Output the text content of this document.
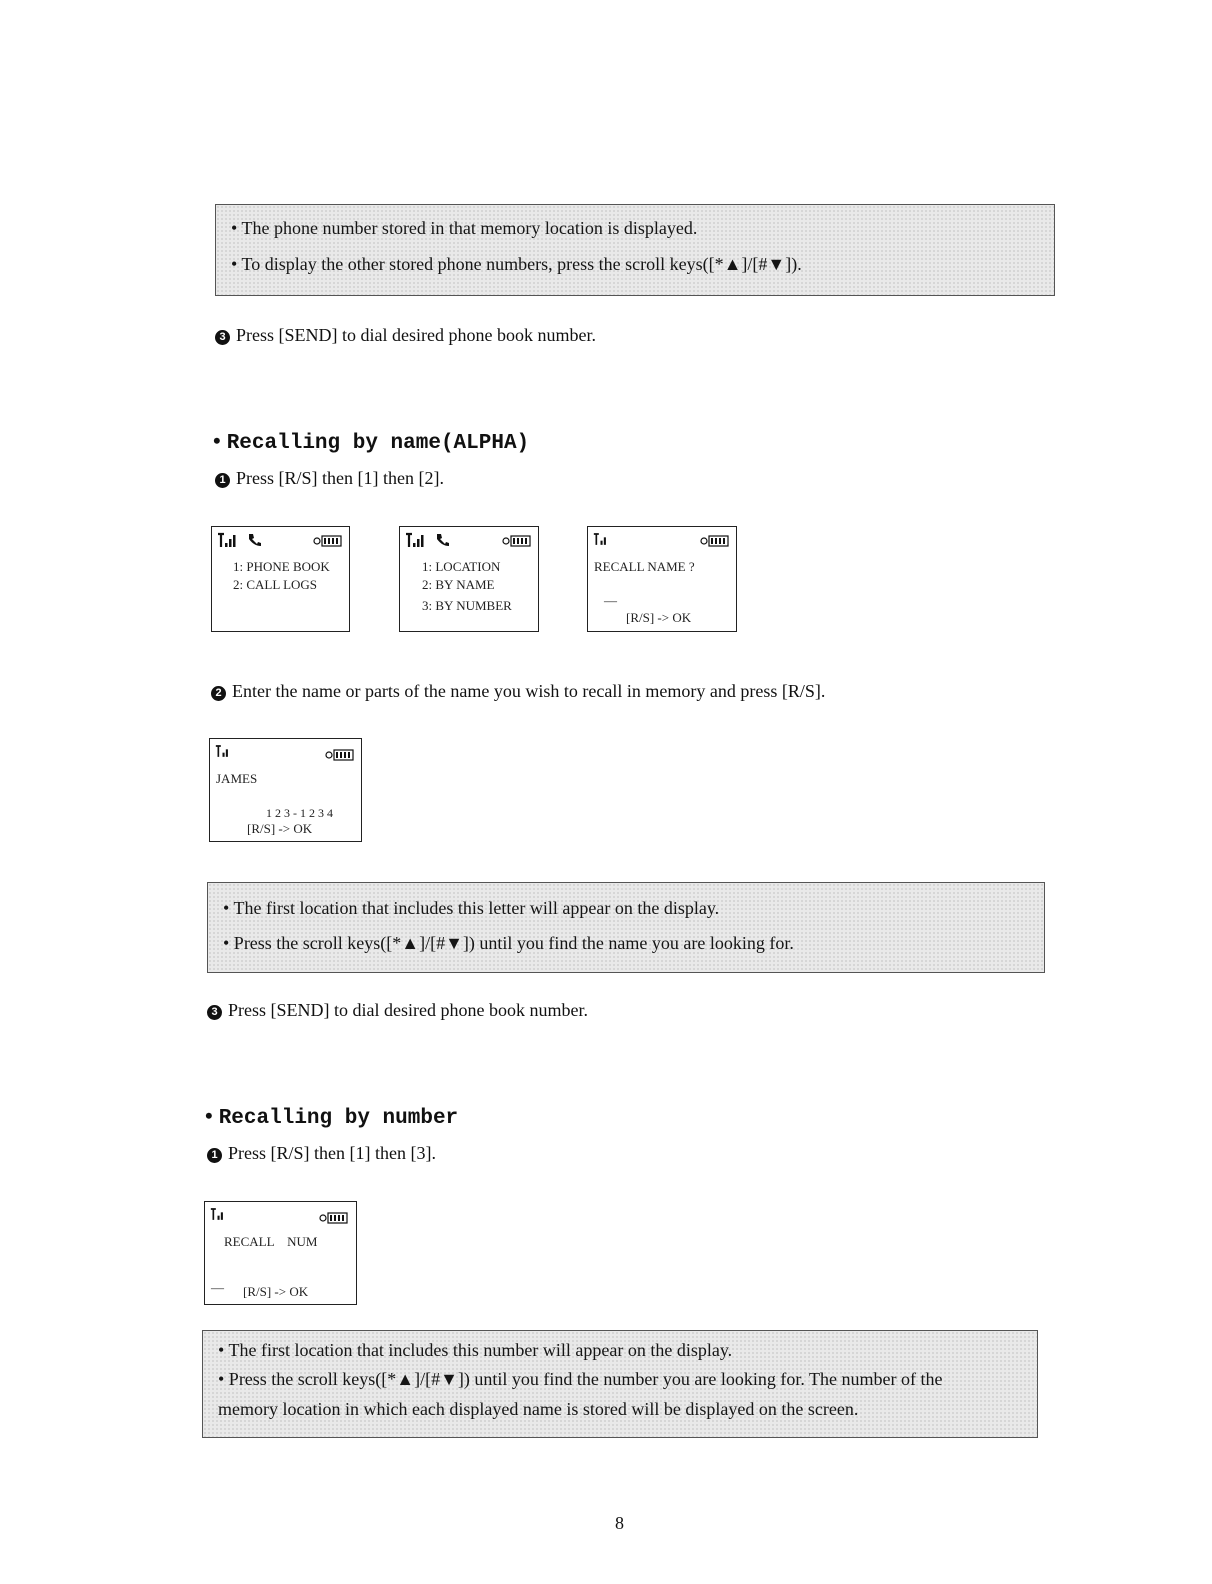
• The phone number stored in that memory location is displayed.
• To display the other stored phone numbers, press the scroll keys([*▲]/[#▼]).
3 Press [SEND] to dial desired phone book number.
• Recalling by name(ALPHA)
1 Press [R/S] then [1] then [2].
1: PHONE BOOK
2: CALL LOGS
1: LOCATION
2: BY NAME
3: BY NUMBER
RECALL NAME ?
—
[R/S] -> OK
2 Enter the name or parts of the name you wish to recall in memory and press [R/S].
JAMES
1 2 3 - 1 2 3 4
[R/S] -> OK
• The first location that includes this letter will appear on the display.
• Press the scroll keys([*▲]/[#▼]) until you find the name you are looking for.
3 Press [SEND] to dial desired phone book number.
• Recalling by number
1 Press [R/S] then [1] then [3].
RECALL    NUM
— [R/S] -> OK
• The first location that includes this number will appear on the display.
• Press the scroll keys([*▲]/[#▼]) until you find the number you are looking for. The number of the
memory location in which each displayed name is stored will be displayed on the screen.
8
